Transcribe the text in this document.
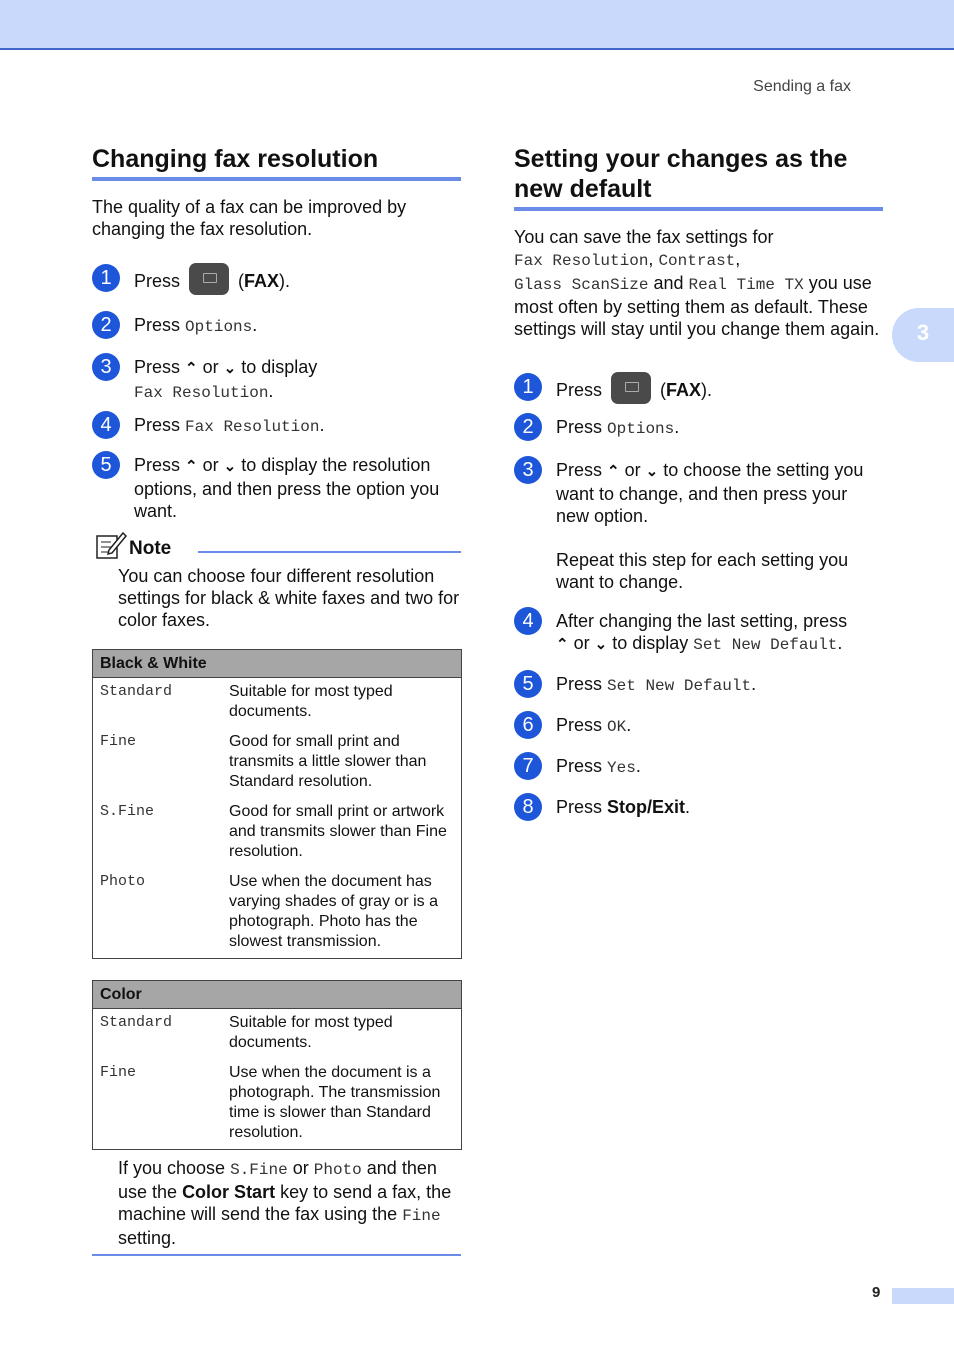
Sending a fax
3
Changing fax resolution

The quality of a fax can be improved by changing the fax resolution.

1	Press	(FAX).
2	Press Options.
3	Press ⌃ or ⌄ to display
Fax Resolution.
4	Press Fax Resolution.
5	Press ⌃ or ⌄ to display the resolution options, and then press the option you want.
Note

You can choose four different resolution settings for black & white faxes and two for color faxes.

Black & White	
Standard	Suitable for most typed documents.
Fine	Good for small print and transmits a little slower than Standard resolution.
S.Fine	Good for small print or artwork and transmits slower than Fine resolution.
Photo	Use when the document has varying shades of gray or is a photograph. Photo has the slowest transmission.
Color	
Standard	Suitable for most typed documents.
Fine	Use when the document is a photograph. The transmission time is slower than Standard resolution.

If you choose S.Fine or Photo and then use the Color Start key to send a fax, the machine will send the fax using the Fine setting.

Setting your changes as the
new default

You can save the fax settings for
Fax Resolution, Contrast,
Glass ScanSize and Real Time TX you use most often by setting them as default. These settings will stay until you change them again.

1	Press	(FAX).
2	Press Options.
3	Press ⌃ or ⌄ to choose the setting you want to change, and then press your new option.

Repeat this step for each setting you want to change.
4	After changing the last setting, press
⌃ or ⌄ to display Set New Default.
5	Press Set New Default.
6	Press OK.
7	Press Yes.
8	Press Stop/Exit.
9
